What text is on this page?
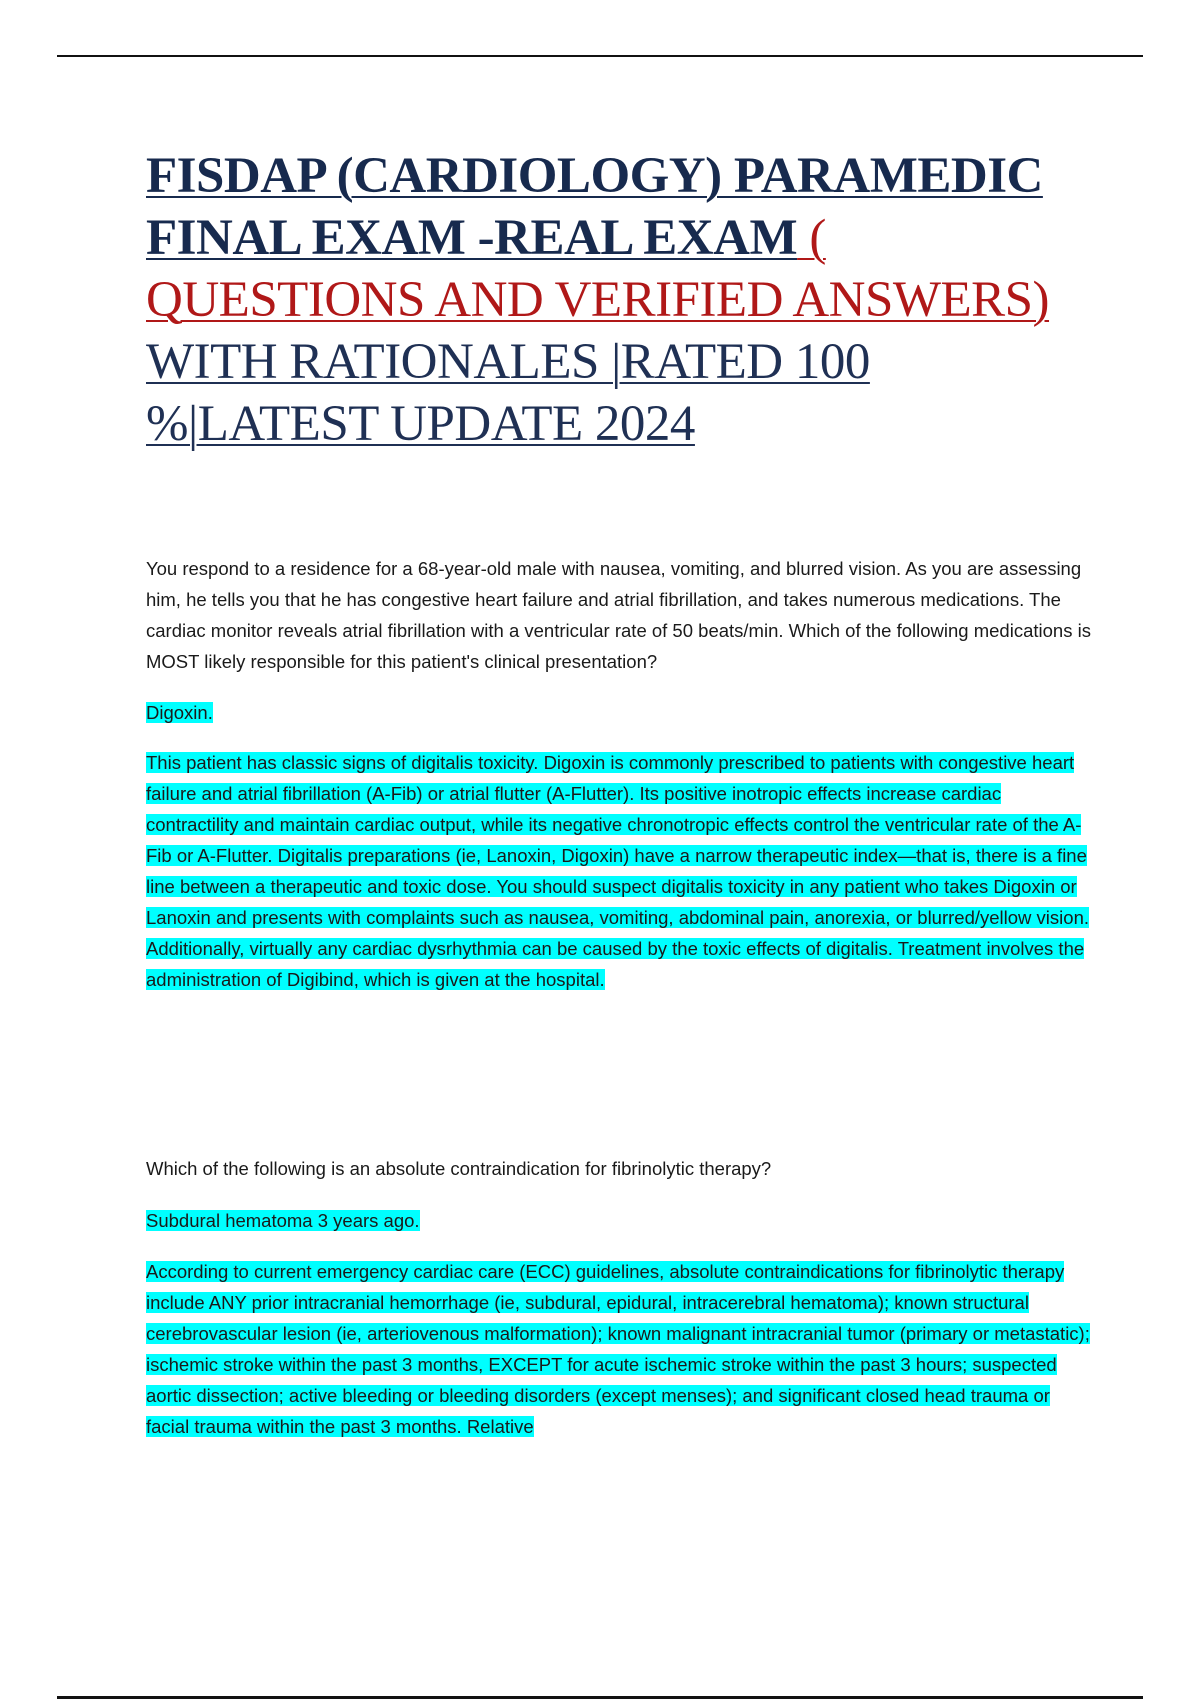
FISDAP (CARDIOLOGY) PARAMEDIC FINAL EXAM -REAL EXAM ( QUESTIONS AND VERIFIED ANSWERS) WITH RATIONALES |RATED 100 %|LATEST UPDATE 2024

You respond to a residence for a 68-year-old male with nausea, vomiting, and blurred vision. As you are assessing him, he tells you that he has congestive heart failure and atrial fibrillation, and takes numerous medications. The cardiac monitor reveals atrial fibrillation with a ventricular rate of 50 beats/min. Which of the following medications is MOST likely responsible for this patient's clinical presentation?

Digoxin.

This patient has classic signs of digitalis toxicity. Digoxin is commonly prescribed to patients with congestive heart failure and atrial fibrillation (A-Fib) or atrial flutter (A-Flutter). Its positive inotropic effects increase cardiac contractility and maintain cardiac output, while its negative chronotropic effects control the ventricular rate of the A-Fib or A-Flutter. Digitalis preparations (ie, Lanoxin, Digoxin) have a narrow therapeutic index—that is, there is a fine line between a therapeutic and toxic dose. You should suspect digitalis toxicity in any patient who takes Digoxin or Lanoxin and presents with complaints such as nausea, vomiting, abdominal pain, anorexia, or blurred/yellow vision. Additionally, virtually any cardiac dysrhythmia can be caused by the toxic effects of digitalis. Treatment involves the administration of Digibind, which is given at the hospital.

Which of the following is an absolute contraindication for fibrinolytic therapy?

Subdural hematoma 3 years ago.

According to current emergency cardiac care (ECC) guidelines, absolute contraindications for fibrinolytic therapy include ANY prior intracranial hemorrhage (ie, subdural, epidural, intracerebral hematoma); known structural cerebrovascular lesion (ie, arteriovenous malformation); known malignant intracranial tumor (primary or metastatic); ischemic stroke within the past 3 months, EXCEPT for acute ischemic stroke within the past 3 hours; suspected aortic dissection; active bleeding or bleeding disorders (except menses); and significant closed head trauma or facial trauma within the past 3 months. Relative
